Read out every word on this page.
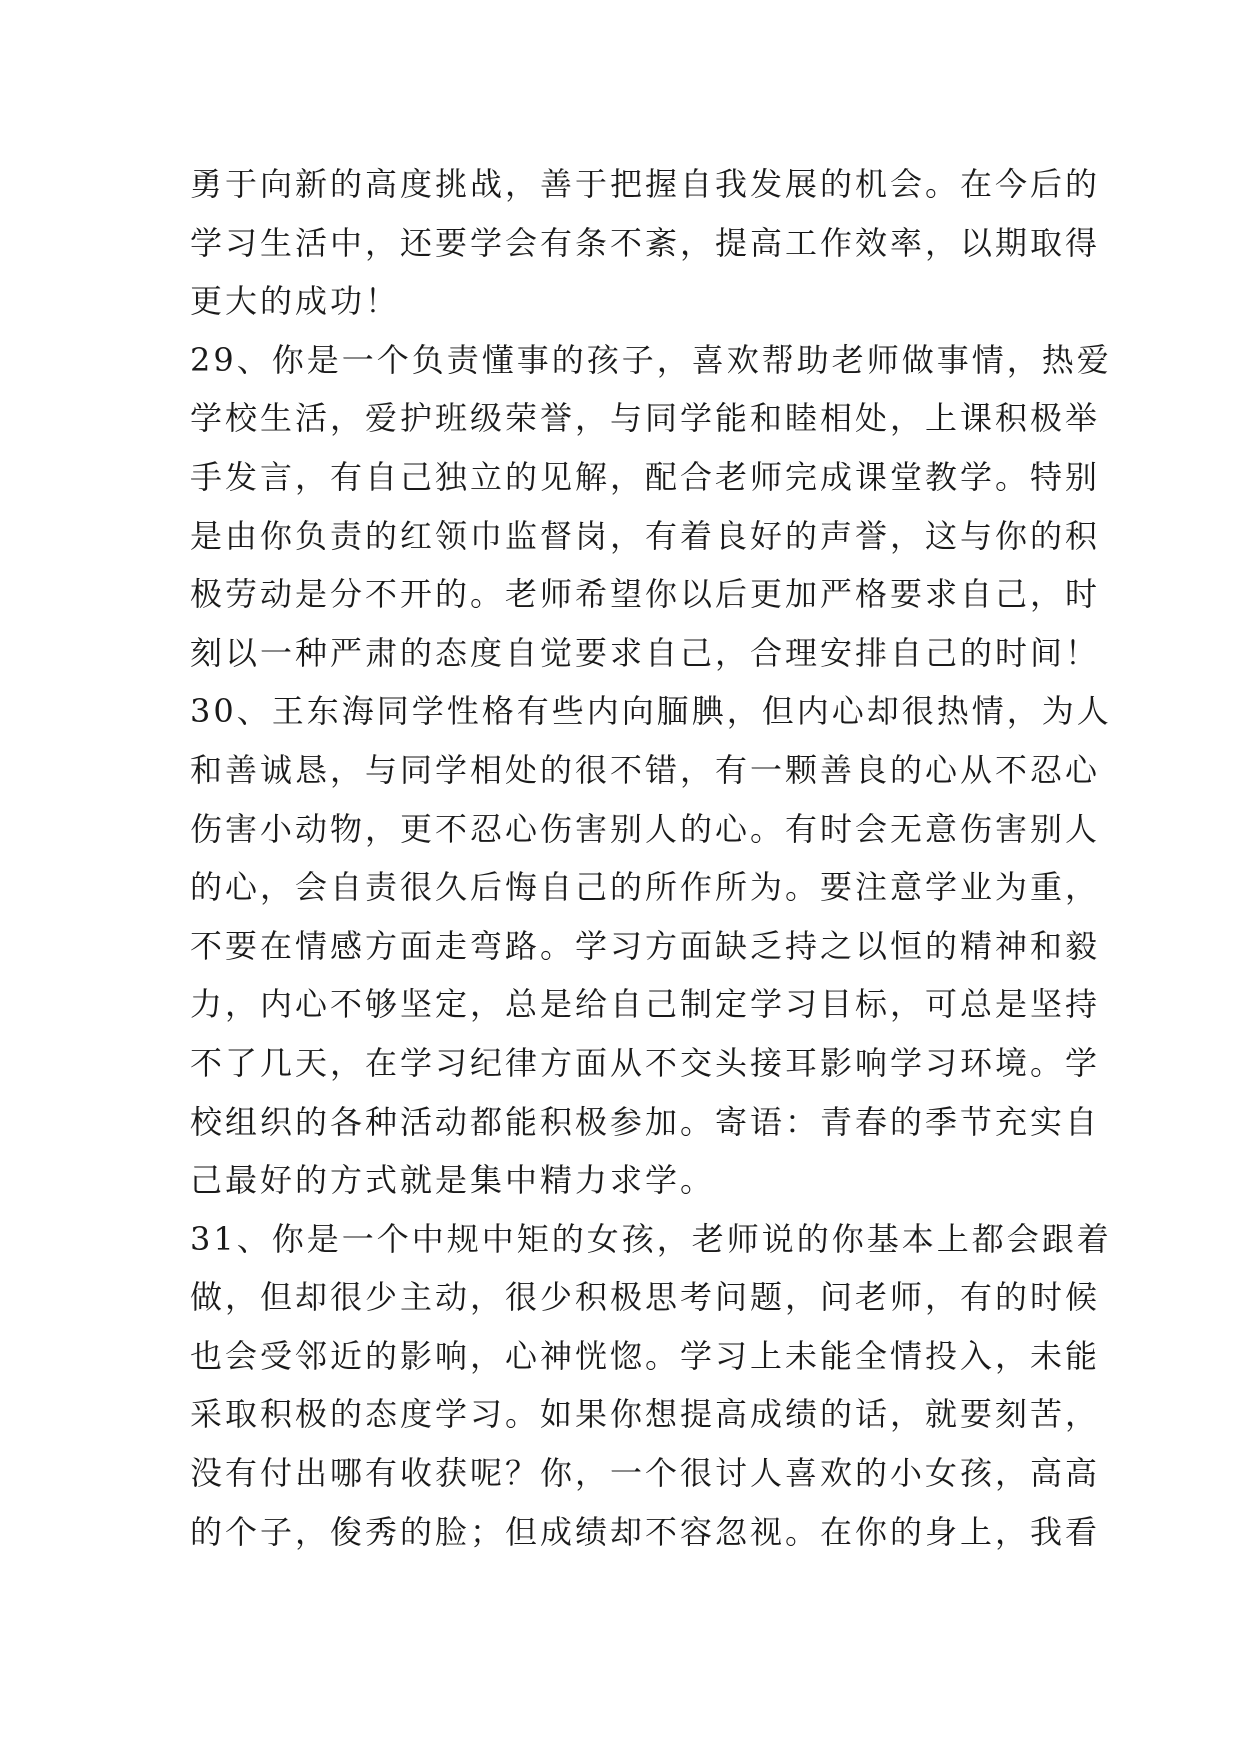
勇于向新的高度挑战，善于把握自我发展的机会。在今后的
学习生活中，还要学会有条不紊，提高工作效率，以期取得
更大的成功！
29、你是一个负责懂事的孩子，喜欢帮助老师做事情，热爱
学校生活，爱护班级荣誉，与同学能和睦相处，上课积极举
手发言，有自己独立的见解，配合老师完成课堂教学。特别
是由你负责的红领巾监督岗，有着良好的声誉，这与你的积
极劳动是分不开的。老师希望你以后更加严格要求自己，时
刻以一种严肃的态度自觉要求自己，合理安排自己的时间！
30、王东海同学性格有些内向腼腆，但内心却很热情，为人
和善诚恳，与同学相处的很不错，有一颗善良的心从不忍心
伤害小动物，更不忍心伤害别人的心。有时会无意伤害别人
的心，会自责很久后悔自己的所作所为。要注意学业为重，
不要在情感方面走弯路。学习方面缺乏持之以恒的精神和毅
力，内心不够坚定，总是给自己制定学习目标，可总是坚持
不了几天，在学习纪律方面从不交头接耳影响学习环境。学
校组织的各种活动都能积极参加。寄语：青春的季节充实自
己最好的方式就是集中精力求学。
31、你是一个中规中矩的女孩，老师说的你基本上都会跟着
做，但却很少主动，很少积极思考问题，问老师，有的时候
也会受邻近的影响，心神恍惚。学习上未能全情投入，未能
采取积极的态度学习。如果你想提高成绩的话，就要刻苦，
没有付出哪有收获呢？你，一个很讨人喜欢的小女孩，高高
的个子，俊秀的脸；但成绩却不容忽视。在你的身上，我看
